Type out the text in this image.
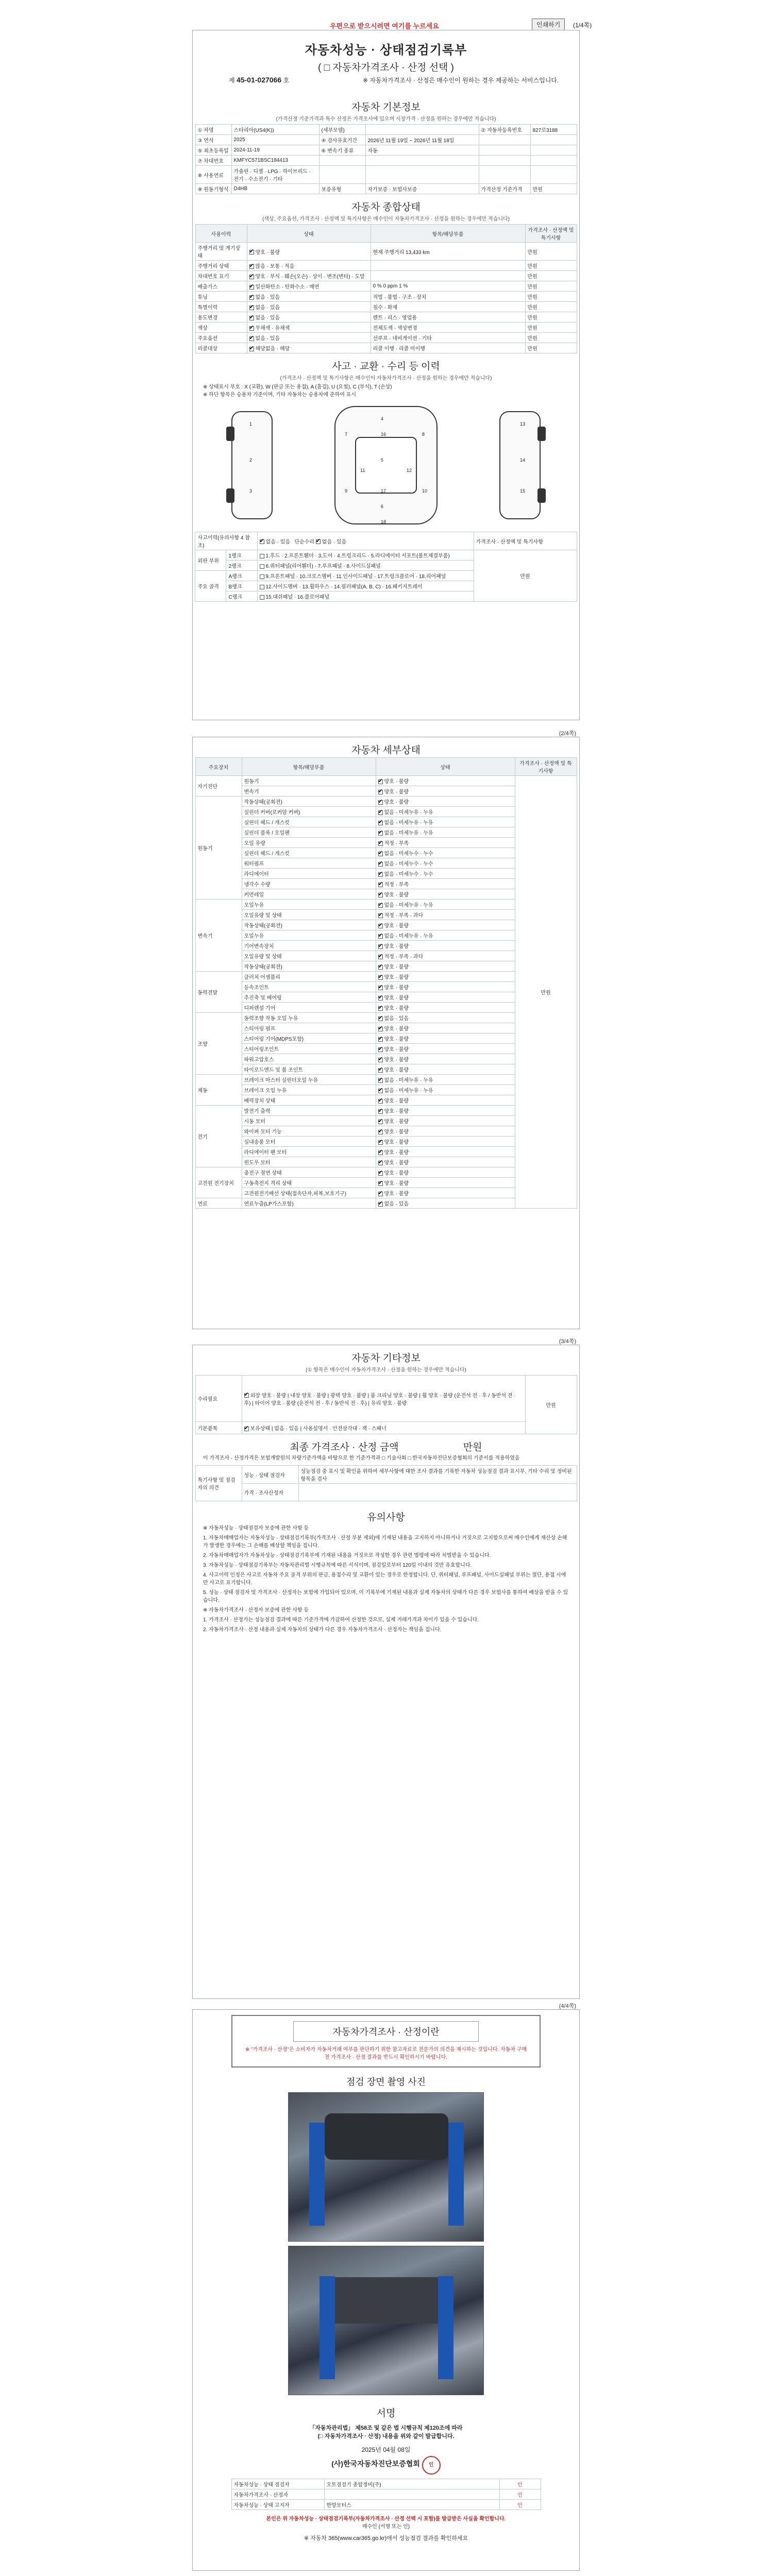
우편으로 받으시려면 여기를 누르세요	인쇄하기	(1/4쪽)
자동차성능 · 상태점검기록부
( □ 자동차가격조사 · 산정 선택 )
제 45-01-027066 호	※ 자동차가격조사 · 산정은 매수인이 원하는 경우 제공하는 서비스입니다.
자동차 기본정보
(가격산정 기준가격과 특수 산정은 가격조사에 있으며 시장가격 · 산정을 원하는 경우에만 적습니다)
① 차명	스타리아(US4(K))	(세부모델)		② 자동차등록번호	827로3188
③ 연식	2025	④ 검사유효기간	2026년 11월 19일 ~ 2026년 11월 18일		
⑤ 최초등록일	2024-11-19	⑥ 변속기 종류	자동		
⑦ 차대번호	KMFYC571BSC184413				
⑧ 사용연료	가솔린 · 디젤 · LPG · 하이브리드 · 전기 · 수소전기 · 기타				
⑨ 원동기형식	D4HB	보증유형	자가보증 · 보험사보증	가격산정 기준가격	만원
자동차 종합상태
(색상, 주요옵션, 가격조사 · 산정액 및 특기사항은 매수인이 자동차가격조사 · 산정을 원하는 경우에만 적습니다)
사용이력	상태	항목/해당부품	가격조사 · 산정액 및 특기사항
주행거리 및 계기상태	✔양호 · 불량	현재 주행거리 13,433 km	만원
주행거리 상태	✔많음 · 보통 · 적음		만원
차대번호 표기	✔양호 · 부식 · 훼손(오손) · 상이 · 변조(변타) · 도말		만원
배출가스	✔일산화탄소 · 탄화수소 · 매연	0 % 0 ppm 1 %	만원
튜닝	✔없음 · 있음	적법 · 불법 · 구조 · 장치	만원
특별이력	✔없음 · 있음	침수 · 화재	만원
용도변경	✔없음 · 있음	렌트 · 리스 · 영업용	만원
색상	✔무채색 · 유채색	전체도색 · 색상변경	만원
주요옵션	✔없음 · 있음	선루프 · 네비게이션 · 기타	만원
리콜대상	✔해당없음 · 해당	리콜 이행 · 리콜 미이행	만원
사고 · 교환 · 수리 등 이력
(가격조사 · 산정액 및 특기사항은 매수인이 자동차가격조사 · 산정을 원하는 경우에만 적습니다)
※ 상태표시 부호 : X (교환), W (판금 또는 용접), A (흠집), U (요철), C (부식), T (손상)
※ 하단 항목은 승용차 기준이며, 기타 자동차는 승용차에 준하여 표시
1
2
3
4
5
6
7	8
9	10
11	12
13
14
15
16
17
18
사고이력(유의사항 4 참조)	✔없음 · 있음 단순수리 ✔ 없음 · 있음	가격조사 · 산정액 및 특기사항
외판 부위	1랭크	1.후드 · 2.프론트휀더 · 3.도어 · 4.트렁크리드 · 5.라디에이터 서포트(볼트체결부품)	만원
	2랭크	6.쿼터패널(리어휀더) · 7.루프패널 · 8.사이드실패널	
주요 골격	A랭크	9.프론트패널 · 10.크로스멤버 · 11.인사이드패널 · 17.트렁크플로어 · 18.리어패널	
	B랭크	12.사이드멤버 · 13.휠하우스 · 14.필러패널(A, B, C) · 16.패키지트레이	
	C랭크	15.대쉬패널 · 16.플로어패널	
(2/4쪽)
자동차 세부상태
주요장치	항목/해당부품	상태	가격조사 · 산정액 및 특기사항
자기진단	원동기	✔양호 · 불량	만원
	변속기	✔양호 · 불량
원동기	작동상태(공회전)	✔양호 · 불량
	실린더 커버(로커암 커버)	✔없음 · 미세누유 · 누유
	실린더 헤드 / 개스킷	✔없음 · 미세누유 · 누유
	실린더 블록 / 오일팬	✔없음 · 미세누유 · 누유
	오일 유량	✔적정 · 부족
	실린더 헤드 / 개스킷	✔없음 · 미세누수 · 누수
	워터펌프	✔없음 · 미세누수 · 누수
	라디에이터	✔없음 · 미세누수 · 누수
	냉각수 수량	✔적정 · 부족
	커먼레일	✔양호 · 불량
변속기	오일누유	✔없음 · 미세누유 · 누유
	오일유량 및 상태	✔적정 · 부족 · 과다
	작동상태(공회전)	✔양호 · 불량
	오일누유	✔없음 · 미세누유 · 누유
	기어변속장치	✔양호 · 불량
	오일유량 및 상태	✔적정 · 부족 · 과다
	작동상태(공회전)	✔양호 · 불량
동력전달	클러치 어셈블리	✔양호 · 불량
	등속조인트	✔양호 · 불량
	추진축 및 베어링	✔양호 · 불량
	디퍼렌셜 기어	✔양호 · 불량
조향	동력조향 작동 오일 누유	✔없음 · 있음
	스티어링 펌프	✔양호 · 불량
	스티어링 기어(MDPS포함)	✔양호 · 불량
	스티어링조인트	✔양호 · 불량
	파워고압호스	✔양호 · 불량
	타이로드엔드 및 볼 조인트	✔양호 · 불량
제동	브레이크 마스터 실린더오일 누유	✔없음 · 미세누유 · 누유
	브레이크 오일 누유	✔없음 · 미세누유 · 누유
	배력장치 상태	✔양호 · 불량
전기	발전기 출력	✔양호 · 불량
	시동 모터	✔양호 · 불량
	와이퍼 모터 기능	✔양호 · 불량
	실내송풍 모터	✔양호 · 불량
	라디에이터 팬 모터	✔양호 · 불량
	윈도우 모터	✔양호 · 불량
고전원 전기장치	충전구 절연 상태	✔양호 · 불량
	구동축전지 격리 상태	✔양호 · 불량
	고전원전기배선 상태(접속단자,피복,보호기구)	✔양호 · 불량
연료	연료누출(LP가스포함)	✔없음 · 있음
(3/4쪽)
자동차 기타정보
(① 항목은 매수인이 자동차가격조사 · 산정을 원하는 경우에만 적습니다)
수리필요	✔외장 양호 · 불량 | 내장 양호 · 불량 | 광택 양호 · 불량 | 룸 크리닝 양호 · 불량 | 휠 양호 · 불량 (운전석 전 · 후 / 동반석 전 · 후) | 타이어 양호 · 불량 (운전석 전 · 후 / 동반석 전 · 후) | 유리 양호 · 불량	만원
기본품목	✔보유상태 | 없음 · 있음 | 사용설명서 · 안전삼각대 · 잭 · 스패너
최종 가격조사 · 산정 금액	만원
이 가격조사 · 산정가격은 보험개발원의 차량기준가액을 바탕으로 한 기준가격과 □ 기술사회 □ 한국자동차진단보증협회의 기준서를 적용하였음
특기사항 및 점검자의 의견	성능 · 상태 점검자	성능점검 중 표시 및 확인을 위하여 세부사항에 대한 조사 결과를 기록한 자동차 성능점검 결과 표시부, 기타 수리 및 정비된 항목을 검사
	가격 · 조사산정자	
유의사항

※ 자동차성능 · 상태점검자 보증에 관한 사항 등

1. 자동차매매업자는 자동차성능 · 상태점검기록부(가격조사 · 산정 부분 제외)에 기재된 내용을 고지하지 아니하거나 거짓으로 고지함으로써 매수인에게 재산상 손해가 발생한 경우에는 그 손해를 배상할 책임을 집니다.

2. 자동차매매업자가 자동차성능 · 상태점검기록부에 기재된 내용을 거짓으로 작성한 경우 관련 법령에 따라 처벌받을 수 있습니다.

3. 자동차성능 · 상태점검기록부는 자동차관리법 시행규칙에 따른 서식이며, 점검일로부터 120일 이내의 것만 유효합니다.

4. 사고이력 인정은 사고로 자동차 주요 골격 부위의 판금, 용접수리 및 교환이 있는 경우로 한정합니다. 단, 쿼터패널, 루프패널, 사이드실패널 부위는 절단, 용접 시에만 사고로 표기합니다.

5. 성능 · 상태 점검자 및 가격조사 · 산정자는 보험에 가입되어 있으며, 이 기록부에 기재된 내용과 실제 자동차의 상태가 다른 경우 보험사를 통하여 배상을 받을 수 있습니다.

※ 자동차가격조사 · 산정자 보증에 관한 사항 등

1. 가격조사 · 산정가는 성능점검 결과에 따른 기준가격에 가감하여 산정한 것으로, 실제 거래가격과 차이가 있을 수 있습니다.

2. 자동차가격조사 · 산정 내용과 실제 자동차의 상태가 다른 경우 자동차가격조사 · 산정자는 책임을 집니다.

(4/4쪽)
자동차가격조사 · 산정이란
※ "가격조사 · 산정"은 소비자가 자동차거래 여부를 판단하기 위한 참고자료로 전문가의 의견을 제시하는 것입니다. 자동차 구매 전 가격조사 · 산정 결과를 반드시 확인하시기 바랍니다.
점검 장면 촬영 사진
서명
「자동차관리법」 제58조 및 같은 법 시행규칙 제120조에 따라
(□ 자동차가격조사 · 산정) 내용을 위와 같이 발급합니다.
2025년 04월 08일
(사)한국자동차진단보증협회 인
자동차성능 · 상태 점검자	오토점검기 종합정비(주)	인
자동차가격조사 · 산정자		인
자동차성능 · 상태 고지자	한방모터스	인
본인은 위 자동차성능 · 상태점검기록부(자동차가격조사 · 산정 선택 시 포함)를 발급받은 사실을 확인합니다.
매수인 (서명 또는 인)
※ 자동차 365(www.car365.go.kr)에서 성능점검 결과를 확인하세요
